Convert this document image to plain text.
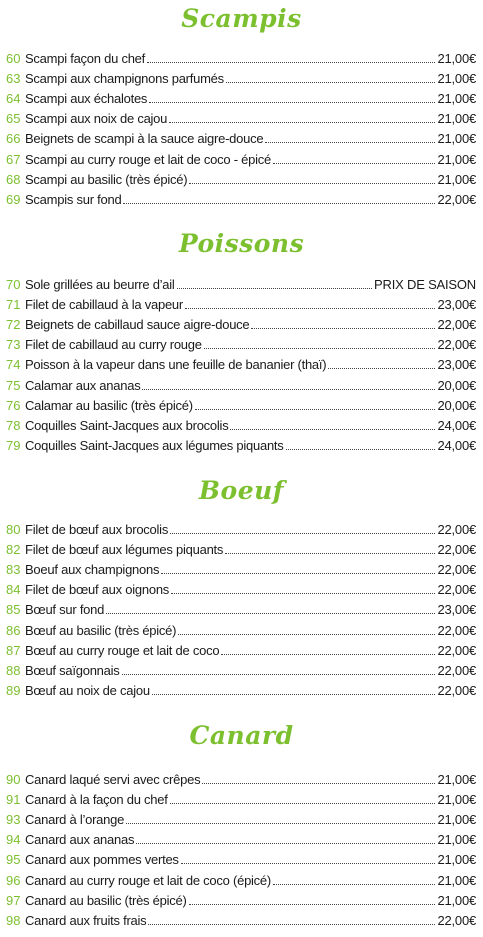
Scampis
Poissons
Boeuf
Canard
60 Scampi façon du chef	21,00€
63 Scampi aux champignons parfumés	21,00€
64 Scampi aux échalotes	21,00€
65 Scampi aux noix de cajou	21,00€
66 Beignets de scampi à la sauce aigre-douce	21,00€
67 Scampi au curry rouge et lait de coco - épicé	21,00€
68 Scampi au basilic (très épicé)	21,00€
69 Scampis sur fond	22,00€
70 Sole grillées au beurre d’ail	PRIX DE SAISON
71 Filet de cabillaud à la vapeur	23,00€
72 Beignets de cabillaud sauce aigre-douce	22,00€
73 Filet de cabillaud au curry rouge	22,00€
74 Poisson à la vapeur dans une feuille de bananier (thaï)	23,00€
75 Calamar aux ananas	20,00€
76 Calamar au basilic (très épicé)	20,00€
78 Coquilles Saint-Jacques aux brocolis	24,00€
79 Coquilles Saint-Jacques aux légumes piquants	24,00€
80 Filet de bœuf aux brocolis	22,00€
82 Filet de bœuf aux légumes piquants	22,00€
83 Boeuf aux champignons	22,00€
84 Filet de bœuf aux oignons	22,00€
85 Bœuf sur fond	23,00€
86 Bœuf au basilic (très épicé)	22,00€
87 Bœuf au curry rouge et lait de coco	22,00€
88 Bœuf saïgonnais	22,00€
89 Bœuf au noix de cajou	22,00€
90 Canard laqué servi avec crêpes	21,00€
91 Canard à la façon du chef	21,00€
93 Canard à l’orange	21,00€
94 Canard aux ananas	21,00€
95 Canard aux pommes vertes	21,00€
96 Canard au curry rouge et lait de coco (épicé)	21,00€
97 Canard au basilic (très épicé)	21,00€
98 Canard aux fruits frais	22,00€
